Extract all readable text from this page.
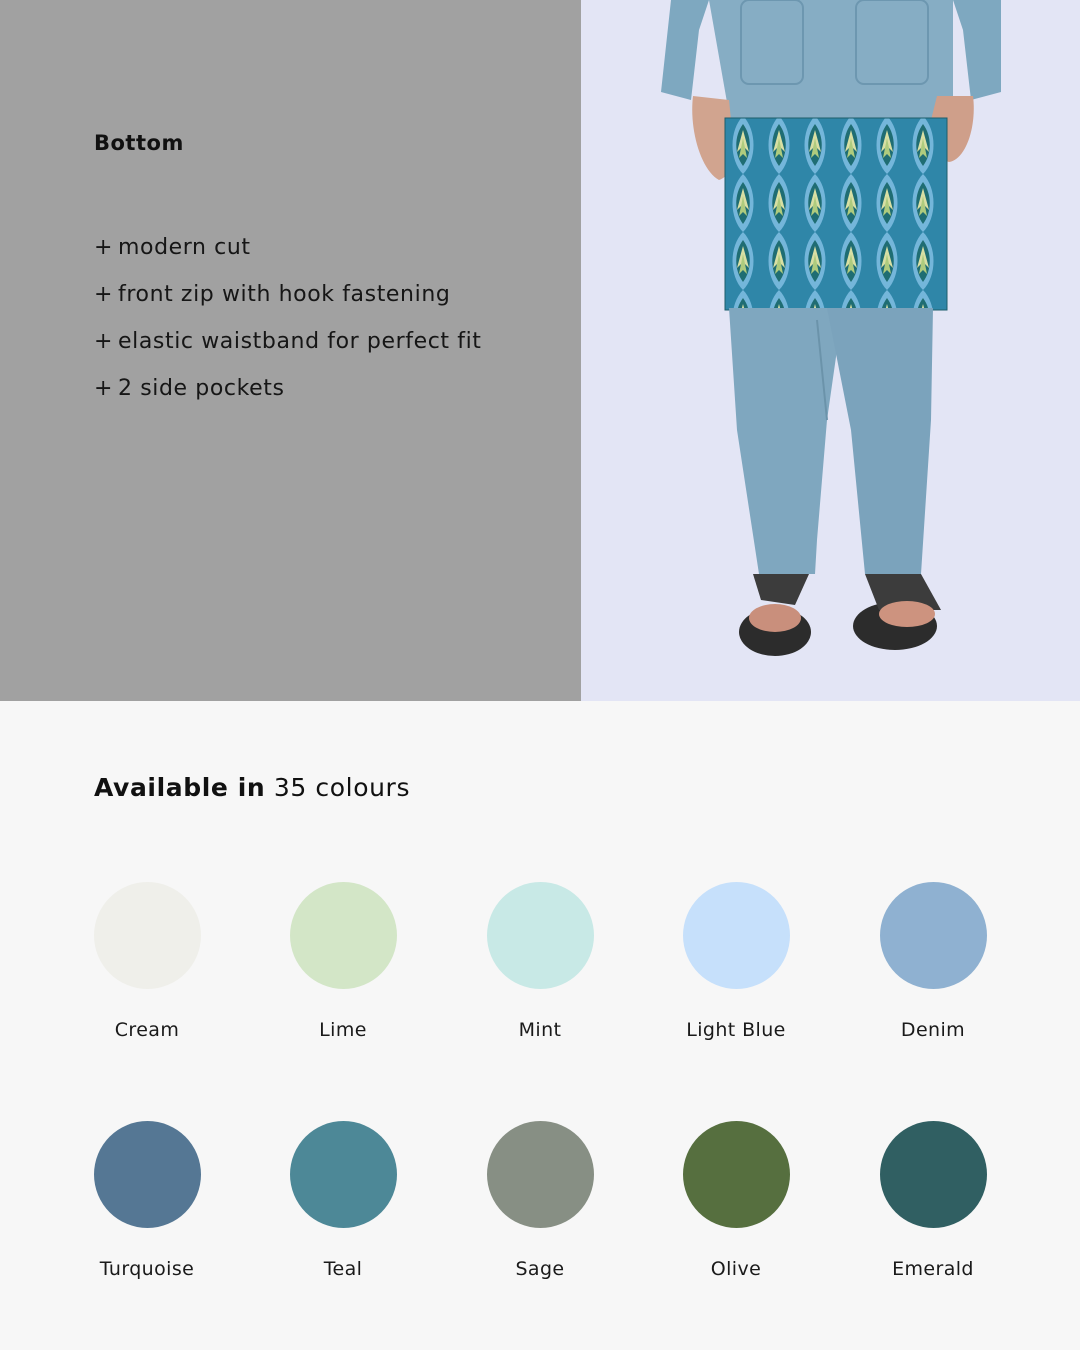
Bottom
+ modern cut
+ front zip with hook fastening
+ elastic waistband for perfect fit
+ 2 side pockets
Available in 35 colours
Cream	Lime	Mint	Light Blue	Denim
Turquoise	Teal	Sage	Olive	Emerald
